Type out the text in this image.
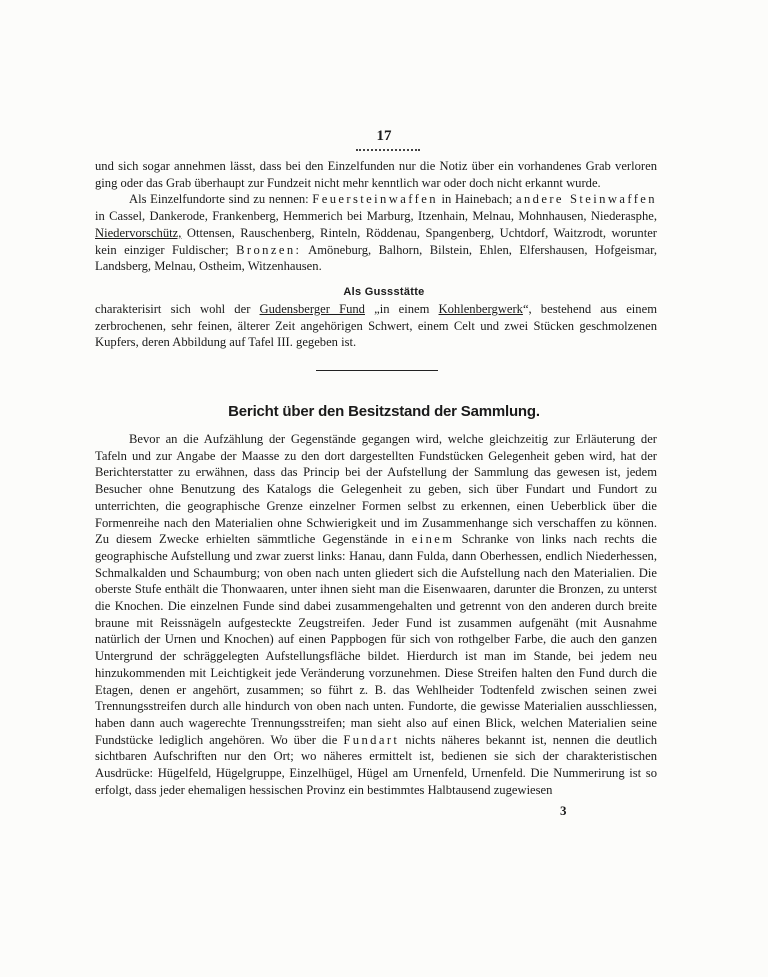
17

und sich sogar annehmen lässt, dass bei den Einzelfunden nur die Notiz über ein vorhandenes Grab verloren ging oder das Grab überhaupt zur Fundzeit nicht mehr kenntlich war oder doch nicht erkannt wurde.

Als Einzelfundorte sind zu nennen: Feuersteinwaffen in Hainebach; andere Steinwaffen in Cassel, Dankerode, Frankenberg, Hemmerich bei Marburg, Itzenhain, Melnau, Mohnhausen, Niederasphe, Niedervorschütz, Ottensen, Rauschenberg, Rinteln, Röddenau, Spangenberg, Uchtdorf, Waitzrodt, worunter kein einziger Fuldischer; Bronzen: Amöneburg, Balhorn, Bilstein, Ehlen, Elfershausen, Hofgeismar, Landsberg, Melnau, Ostheim, Witzenhausen.

Als Gussstätte

charakterisirt sich wohl der Gudensberger Fund „in einem Kohlenbergwerk“, bestehend aus einem zerbrochenen, sehr feinen, älterer Zeit angehörigen Schwert, einem Celt und zwei Stücken geschmolzenen Kupfers, deren Abbildung auf Tafel III. gegeben ist.

Bericht über den Besitzstand der Sammlung.

Bevor an die Aufzählung der Gegenstände gegangen wird, welche gleichzeitig zur Erläuterung der Tafeln und zur Angabe der Maasse zu den dort dargestellten Fundstücken Gelegenheit geben wird, hat der Berichterstatter zu erwähnen, dass das Princip bei der Aufstellung der Sammlung das gewesen ist, jedem Besucher ohne Benutzung des Katalogs die Gelegenheit zu geben, sich über Fundart und Fundort zu unterrichten, die geographische Grenze einzelner Formen selbst zu erkennen, einen Ueberblick über die Formenreihe nach den Materialien ohne Schwierigkeit und im Zusammenhange sich verschaffen zu können. Zu diesem Zwecke erhielten sämmtliche Gegenstände in einem Schranke von links nach rechts die geographische Aufstellung und zwar zuerst links: Hanau, dann Fulda, dann Oberhessen, endlich Niederhessen, Schmalkalden und Schaumburg; von oben nach unten gliedert sich die Aufstellung nach den Materialien. Die oberste Stufe enthält die Thonwaaren, unter ihnen sieht man die Eisenwaaren, darunter die Bronzen, zu unterst die Knochen. Die einzelnen Funde sind dabei zusammengehalten und getrennt von den anderen durch breite braune mit Reissnägeln aufgesteckte Zeugstreifen. Jeder Fund ist zusammen aufgenäht (mit Ausnahme natürlich der Urnen und Knochen) auf einen Pappbogen für sich von rothgelber Farbe, die auch den ganzen Untergrund der schräggelegten Aufstellungsfläche bildet. Hierdurch ist man im Stande, bei jedem neu hinzukommenden mit Leichtigkeit jede Veränderung vorzunehmen. Diese Streifen halten den Fund durch die Etagen, denen er angehört, zusammen; so führt z. B. das Wehlheider Todtenfeld zwischen seinen zwei Trennungsstreifen durch alle hindurch von oben nach unten. Fundorte, die gewisse Materialien ausschliessen, haben dann auch wagerechte Trennungsstreifen; man sieht also auf einen Blick, welchen Materialien seine Fundstücke lediglich angehören. Wo über die Fundart nichts näheres bekannt ist, nennen die deutlich sichtbaren Aufschriften nur den Ort; wo näheres ermittelt ist, bedienen sie sich der charakteristischen Ausdrücke: Hügelfeld, Hügelgruppe, Einzelhügel, Hügel am Urnenfeld, Urnenfeld. Die Nummerirung ist so erfolgt, dass jeder ehemaligen hessischen Provinz ein bestimmtes Halbtausend zugewiesen

3
